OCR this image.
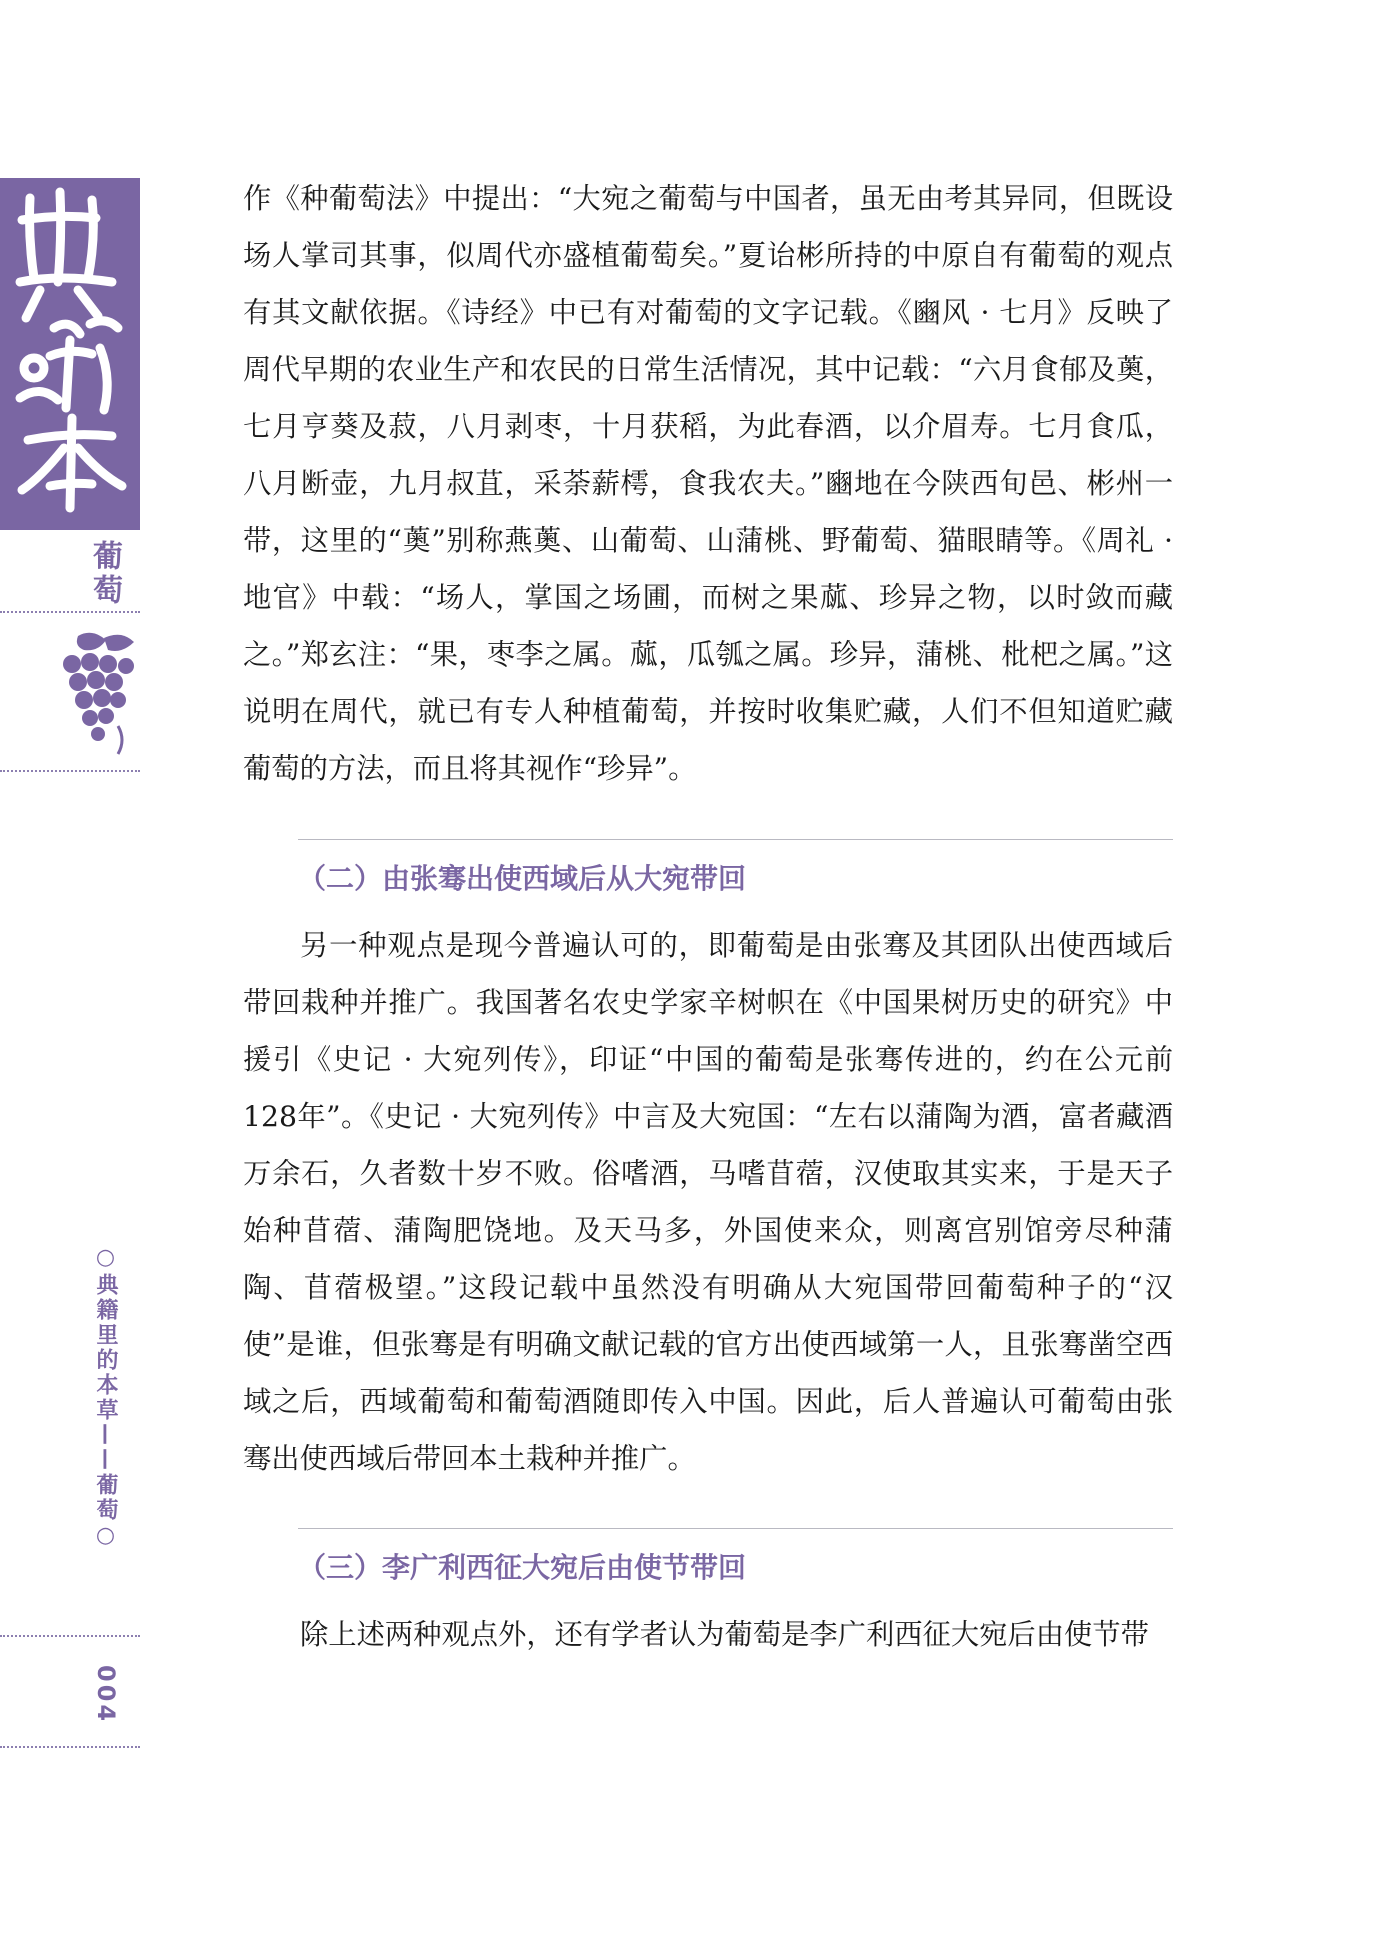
葡萄
○典籍里的本草——葡萄○
004

作《种葡萄法》中提出：“大宛之葡萄与中国者，虽无由考其异同，但既设场人掌司其事，似周代亦盛植葡萄矣。”夏诒彬所持的中原自有葡萄的观点有其文献依据。《诗经》中已有对葡萄的文字记载。《豳风 · 七月》反映了周代早期的农业生产和农民的日常生活情况，其中记载：“六月食郁及薁，七月亨葵及菽，八月剥枣，十月获稻，为此春酒，以介眉寿。七月食瓜，八月断壶，九月叔苴，采荼薪樗，食我农夫。”豳地在今陕西旬邑、彬州一带，这里的“薁”别称燕薁、山葡萄、山蒲桃、野葡萄、猫眼睛等。《周礼 · 地官》中载：“场人，掌国之场圃，而树之果蓏、珍异之物，以时敛而藏之。”郑玄注：“果，枣李之属。蓏，瓜瓠之属。珍异，蒲桃、枇杷之属。”这说明在周代，就已有专人种植葡萄，并按时收集贮藏，人们不但知道贮藏葡萄的方法，而且将其视作“珍异”。

（二）由张骞出使西域后从大宛带回

另一种观点是现今普遍认可的，即葡萄是由张骞及其团队出使西域后带回栽种并推广。我国著名农史学家辛树帜在《中国果树历史的研究》中援引《史记 · 大宛列传》，印证“中国的葡萄是张骞传进的，约在公元前128年”。《史记 · 大宛列传》中言及大宛国：“左右以蒲陶为酒，富者藏酒万余石，久者数十岁不败。俗嗜酒，马嗜苜蓿，汉使取其实来，于是天子始种苜蓿、蒲陶肥饶地。及天马多，外国使来众，则离宫别馆旁尽种蒲陶、苜蓿极望。”这段记载中虽然没有明确从大宛国带回葡萄种子的“汉使”是谁，但张骞是有明确文献记载的官方出使西域第一人，且张骞凿空西域之后，西域葡萄和葡萄酒随即传入中国。因此，后人普遍认可葡萄由张骞出使西域后带回本土栽种并推广。

（三）李广利西征大宛后由使节带回

除上述两种观点外，还有学者认为葡萄是李广利西征大宛后由使节带
